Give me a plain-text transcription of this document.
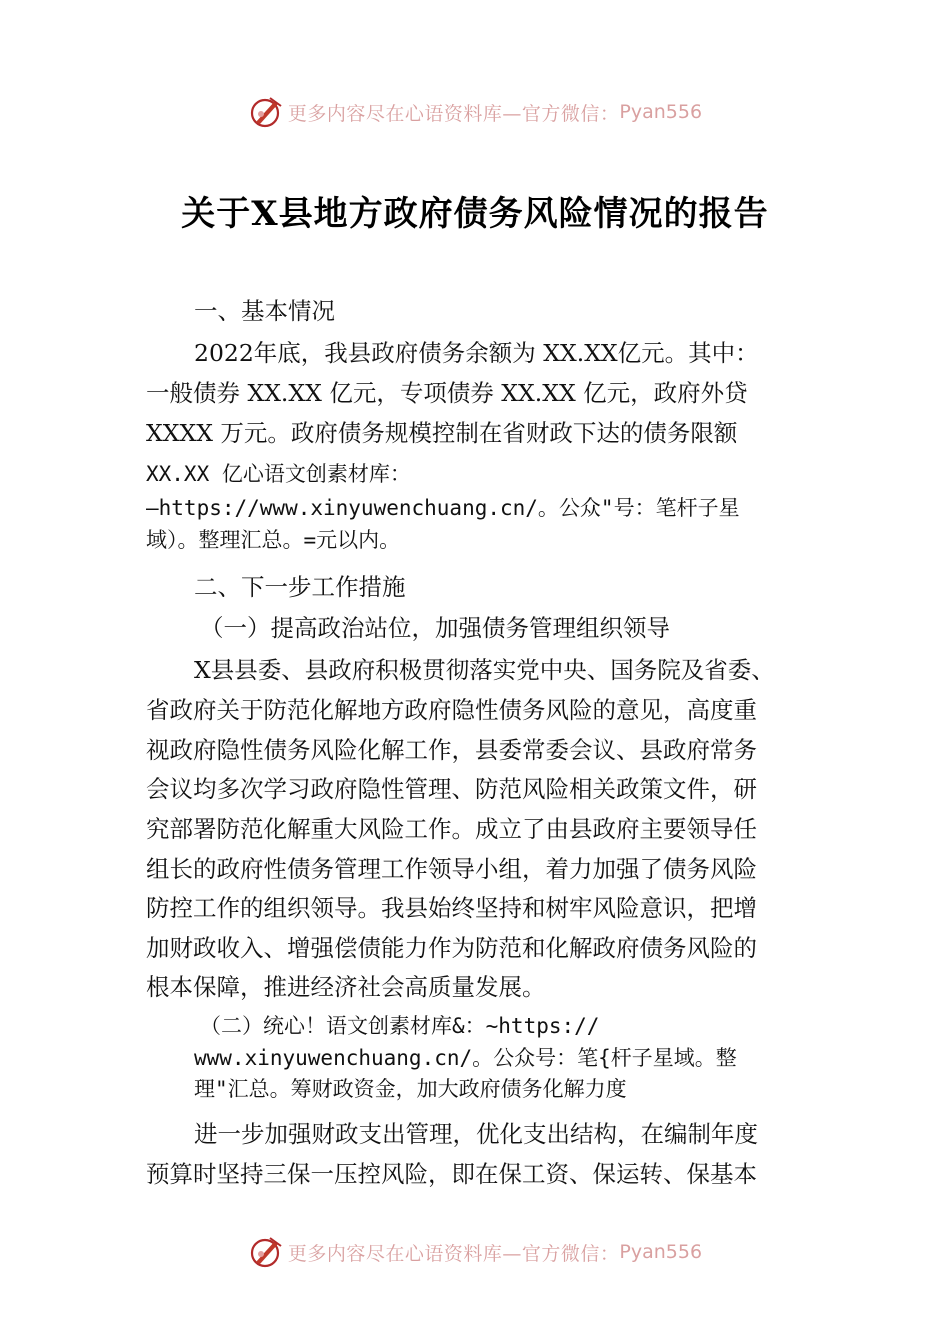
更多内容尽在心语资料库—官方微信： Pyan556
关于X县地方政府债务风险情况的报告
一、基本情况
2022年底，我县政府债务余额为 XX.XX亿元。其中：
一般债券 XX.XX 亿元，专项债券 XX.XX 亿元，政府外贷
XXXX 万元。政府债务规模控制在省财政下达的债务限额
XX.XX 亿心语文创素材库：
—https://www.xinyuwenchuang.cn/。公众"号：笔杆子星
域）。整理汇总。=元以内。
二、下一步工作措施
（一）提高政治站位，加强债务管理组织领导
X县县委、县政府积极贯彻落实党中央、国务院及省委、
省政府关于防范化解地方政府隐性债务风险的意见，高度重
视政府隐性债务风险化解工作，县委常委会议、县政府常务
会议均多次学习政府隐性管理、防范风险相关政策文件，研
究部署防范化解重大风险工作。成立了由县政府主要领导任
组长的政府性债务管理工作领导小组，着力加强了债务风险
防控工作的组织领导。我县始终坚持和树牢风险意识，把增
加财政收入、增强偿债能力作为防范和化解政府债务风险的
根本保障，推进经济社会高质量发展。
（二）统心！语文创素材库&：~https://
www.xinyuwenchuang.cn/。公众号：笔{杆子星域。整
理"汇总。筹财政资金，加大政府债务化解力度
进一步加强财政支出管理，优化支出结构，在编制年度
预算时坚持三保一压控风险，即在保工资、保运转、保基本
更多内容尽在心语资料库—官方微信： Pyan556
